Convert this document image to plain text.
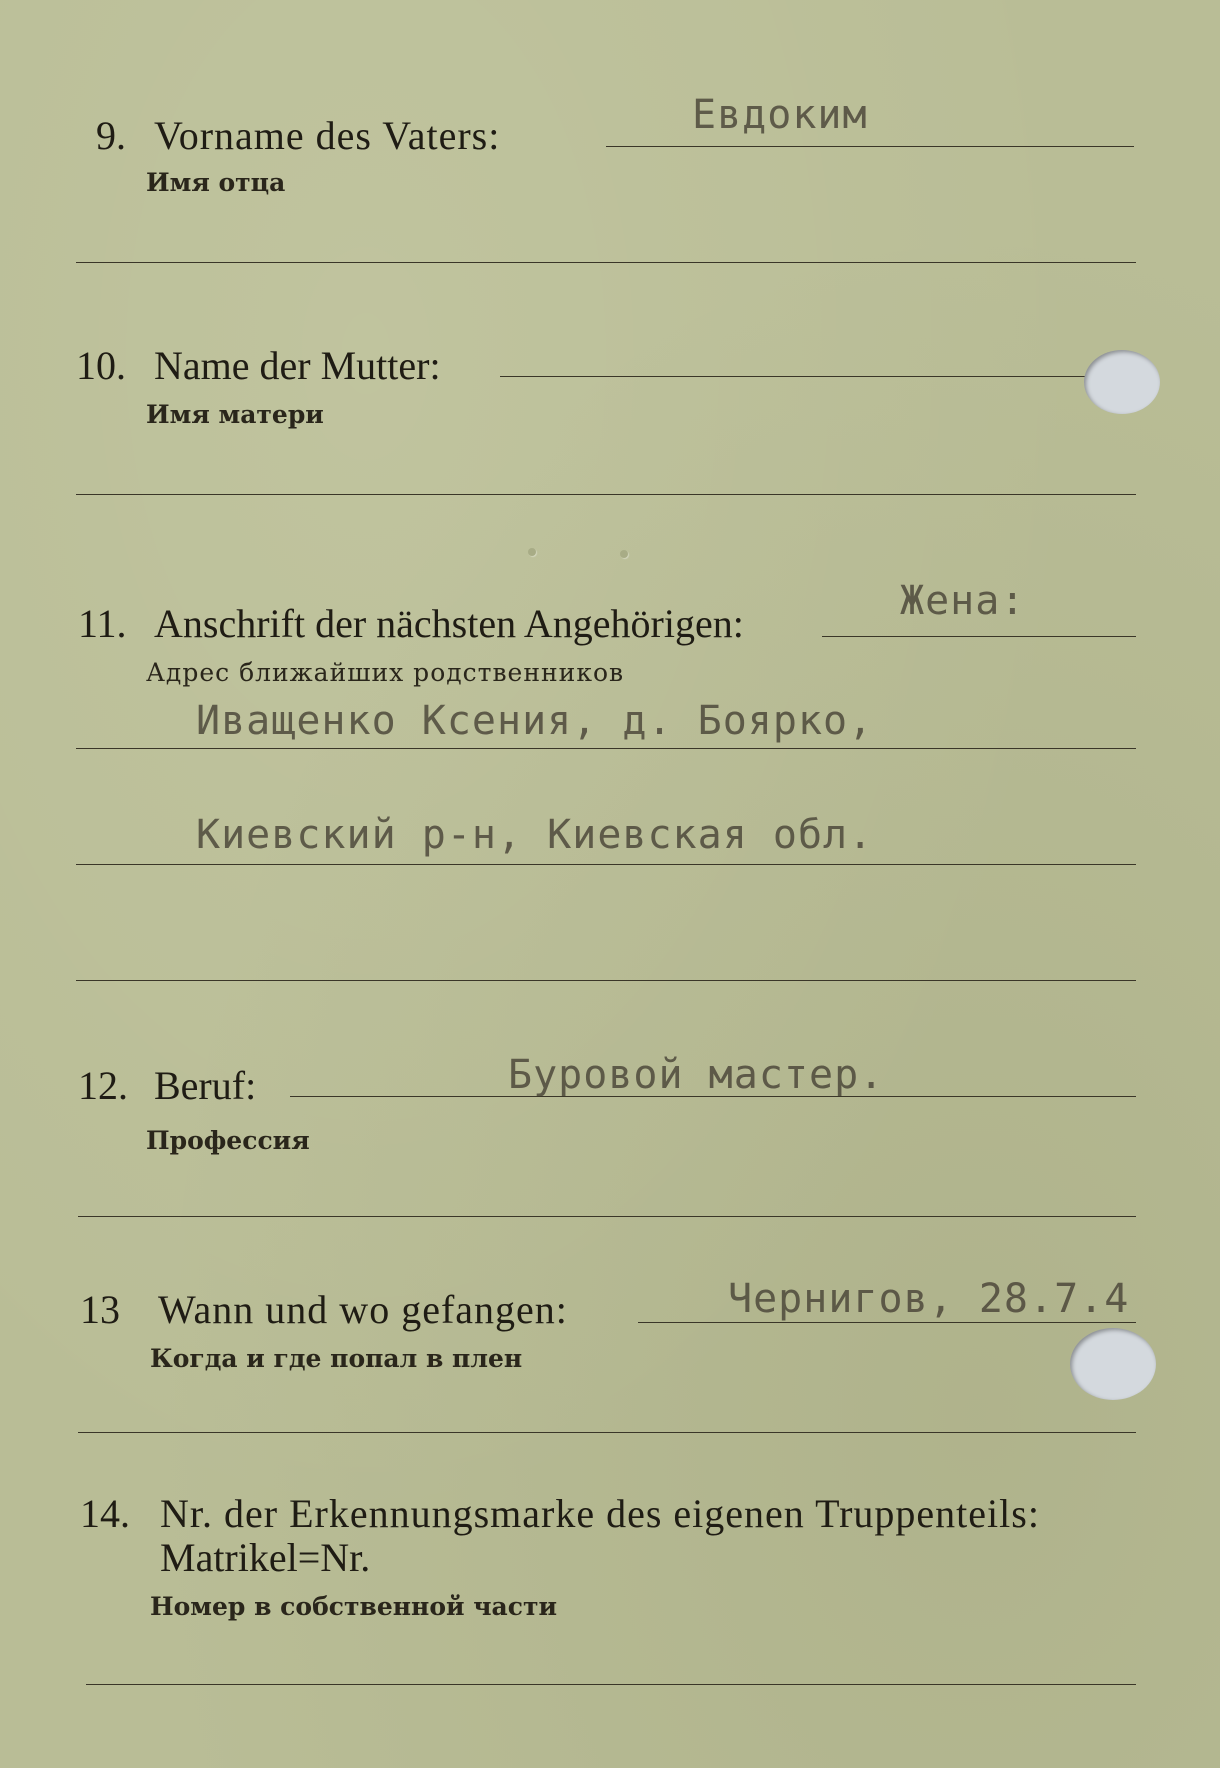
9. Vorname des Vaters:
Имя отца
Евдоким
10. Name der Mutter:
Имя матери
11. Anschrift der nächsten Angehörigen:
Адрес ближайших родственников
Жена:
Иващенко Ксения, д. Боярко,
Киевский р-н, Киевская обл.
12. Beruf:
Профессия
Буровой мастер.
13 Wann und wo gefangen:
Когда и где попал в плен
Чернигов, 28.7.4
14. Nr. der Erkennungsmarke des eigenen Truppenteils:
Matrikel=Nr.
Номер в собственной части
